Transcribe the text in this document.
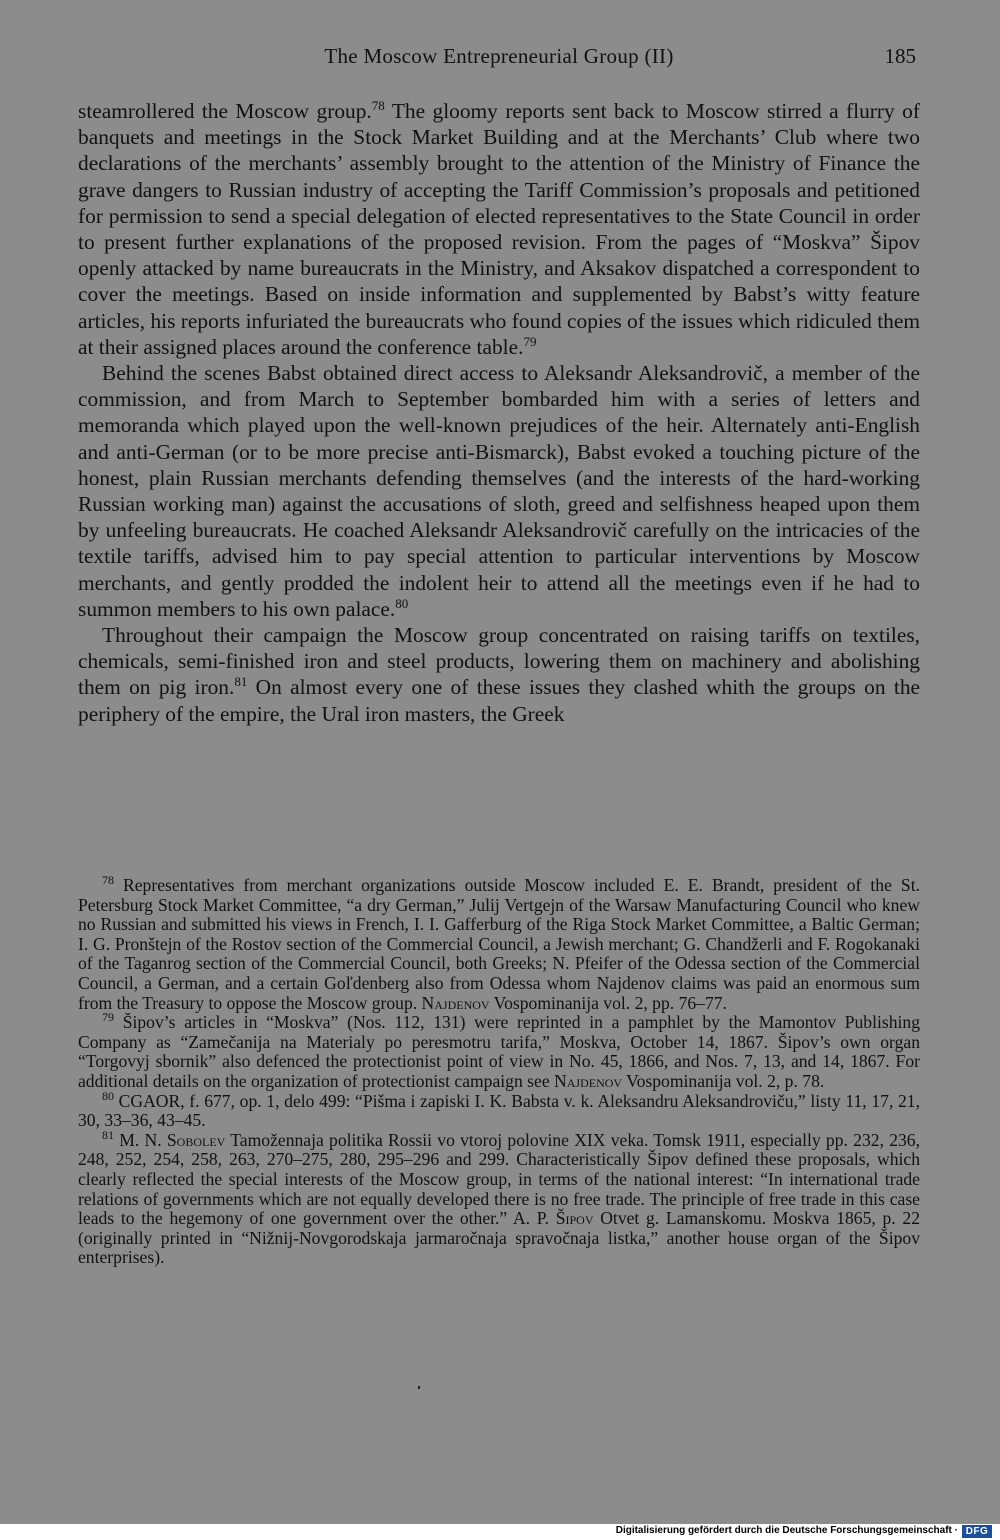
The Moscow Entrepreneurial Group (II)	185

steamrollered the Moscow group.$^{78}$ The gloomy reports sent back to Moscow stirred a flurry of banquets and meetings in the Stock Market Building and at the Merchants’ Club where two declarations of the merchants’ assembly brought to the attention of the Ministry of Finance the grave dangers to Russian industry of accepting the Tariff Commission’s proposals and petitioned for permission to send a special delegation of elected representatives to the State Council in order to present further explanations of the proposed revision. From the pages of “Moskva” Šipov openly attacked by name bureaucrats in the Ministry, and Aksakov dispatched a correspondent to cover the meetings. Based on inside information and supplemented by Babst’s witty feature articles, his reports infuriated the bureaucrats who found copies of the issues which ridiculed them at their assigned places around the conference table.$^{79}$

Behind the scenes Babst obtained direct access to Aleksandr Aleksandrovič, a member of the commission, and from March to September bombarded him with a series of letters and memoranda which played upon the well-known prejudices of the heir. Alternately anti-English and anti-German (or to be more precise anti-Bismarck), Babst evoked a touching picture of the honest, plain Russian merchants defending themselves (and the interests of the hard-working Russian working man) against the accusations of sloth, greed and selfishness heaped upon them by unfeeling bureaucrats. He coached Aleksandr Aleksandrovič carefully on the intricacies of the textile tariffs, advised him to pay special attention to particular interventions by Moscow merchants, and gently prodded the indolent heir to attend all the meetings even if he had to summon members to his own palace.$^{80}$

Throughout their campaign the Moscow group concentrated on raising tariffs on textiles, chemicals, semi-finished iron and steel products, lowering them on machinery and abolishing them on pig iron.$^{81}$ On almost every one of these issues they clashed whith the groups on the periphery of the empire, the Ural iron masters, the Greek

$^{78}$ Representatives from merchant organizations outside Moscow included E. E. Brandt, president of the St. Petersburg Stock Market Committee, “a dry German,” Julij Vertgejn of the Warsaw Manufacturing Council who knew no Russian and submitted his views in French, I. I. Gafferburg of the Riga Stock Market Committee, a Baltic German; I. G. Pronštejn of the Rostov section of the Commercial Council, a Jewish merchant; G. Chandžerli and F. Rogokanaki of the Taganrog section of the Commercial Council, both Greeks; N. Pfeifer of the Odessa section of the Commercial Council, a German, and a certain Goľdenberg also from Odessa whom Najdenov claims was paid an enormous sum from the Treasury to oppose the Moscow group. Najdenov Vospominanija vol. 2, pp. 76–77.

$^{79}$ Šipov’s articles in “Moskva” (Nos. 112, 131) were reprinted in a pamphlet by the Mamontov Publishing Company as “Zamečanija na Materialy po peresmotru tarifa,” Moskva, October 14, 1867. Šipov’s own organ “Torgovyj sbornik” also defenced the protectionist point of view in No. 45, 1866, and Nos. 7, 13, and 14, 1867. For additional details on the organization of protectionist campaign see Najdenov Vospominanija vol. 2, p. 78.

$^{80}$ CGAOR, f. 677, op. 1, delo 499: “Pišma i zapiski I. K. Babsta v. k. Aleksandru Aleksandroviču,” listy 11, 17, 21, 30, 33–36, 43–45.

$^{81}$ M. N. Sobolev Tamožennaja politika Rossii vo vtoroj polovine XIX veka. Tomsk 1911, especially pp. 232, 236, 248, 252, 254, 258, 263, 270–275, 280, 295–296 and 299. Characteristically Šipov defined these proposals, which clearly reflected the special interests of the Moscow group, in terms of the national interest: “In international trade relations of governments which are not equally developed there is no free trade. The principle of free trade in this case leads to the hegemony of one government over the other.” A. P. Šipov Otvet g. Lamanskomu. Moskva 1865, p. 22 (originally printed in “Nižnij-Novgorodskaja jarmaročnaja spravočnaja listka,” another house organ of the Šipov enterprises).

Digitalisierung gefördert durch die Deutsche Forschungsgemeinschaft · DFG
